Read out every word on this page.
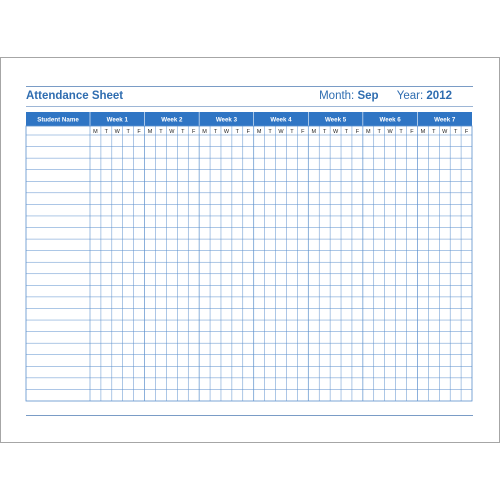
Attendance Sheet	Month: Sep Year: 2012
Student Name	Week 1
M T W T F
Week 2
M T W T F
Week 3
M T W T F
Week 4
M T W T F
Week 5
M T W T F
Week 6
M T W T F
Week 7
M T W T F
